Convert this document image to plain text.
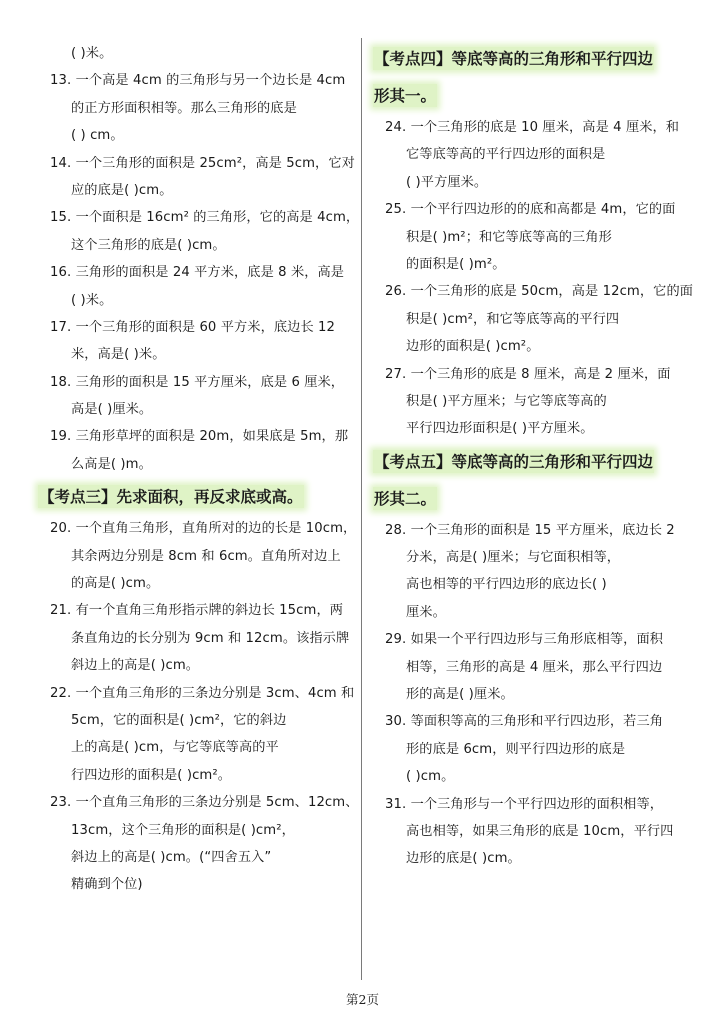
( )米。
13. 一个高是 4cm 的三角形与另一个边长是 4cm
的正方形面积相等。那么三角形的底是
( ) cm。
14. 一个三角形的面积是 25cm²，高是 5cm，它对
应的底是( )cm。
15. 一个面积是 16cm² 的三角形，它的高是 4cm，
这个三角形的底是( )cm。
16. 三角形的面积是 24 平方米，底是 8 米，高是
( )米。
17. 一个三角形的面积是 60 平方米，底边长 12
米，高是( )米。
18. 三角形的面积是 15 平方厘米，底是 6 厘米，
高是( )厘米。
19. 三角形草坪的面积是 20m，如果底是 5m，那
么高是( )m。
【考点三】先求面积，再反求底或高。
20. 一个直角三角形，直角所对的边的长是 10cm，
其余两边分别是 8cm 和 6cm。直角所对边上
的高是( )cm。
21. 有一个直角三角形指示牌的斜边长 15cm，两
条直角边的长分别为 9cm 和 12cm。该指示牌
斜边上的高是( )cm。
22. 一个直角三角形的三条边分别是 3cm、4cm 和
5cm，它的面积是( )cm²，它的斜边
上的高是( )cm，与它等底等高的平
行四边形的面积是( )cm²。
23. 一个直角三角形的三条边分别是 5cm、12cm、
13cm，这个三角形的面积是( )cm²，
斜边上的高是( )cm。(“四舍五入”
精确到个位)
【考点四】等底等高的三角形和平行四边
形其一。
24. 一个三角形的底是 10 厘米，高是 4 厘米，和
它等底等高的平行四边形的面积是
( )平方厘米。
25. 一个平行四边形的的底和高都是 4m，它的面
积是( )m²；和它等底等高的三角形
的面积是( )m²。
26. 一个三角形的底是 50cm，高是 12cm，它的面
积是( )cm²，和它等底等高的平行四
边形的面积是( )cm²。
27. 一个三角形的底是 8 厘米，高是 2 厘米，面
积是( )平方厘米；与它等底等高的
平行四边形面积是( )平方厘米。
【考点五】等底等高的三角形和平行四边
形其二。
28. 一个三角形的面积是 15 平方厘米，底边长 2
分米，高是( )厘米；与它面积相等，
高也相等的平行四边形的底边长( )
厘米。
29. 如果一个平行四边形与三角形底相等，面积
相等，三角形的高是 4 厘米，那么平行四边
形的高是( )厘米。
30. 等面积等高的三角形和平行四边形，若三角
形的底是 6cm，则平行四边形的底是
( )cm。
31. 一个三角形与一个平行四边形的面积相等，
高也相等，如果三角形的底是 10cm，平行四
边形的底是( )cm。
第2页
